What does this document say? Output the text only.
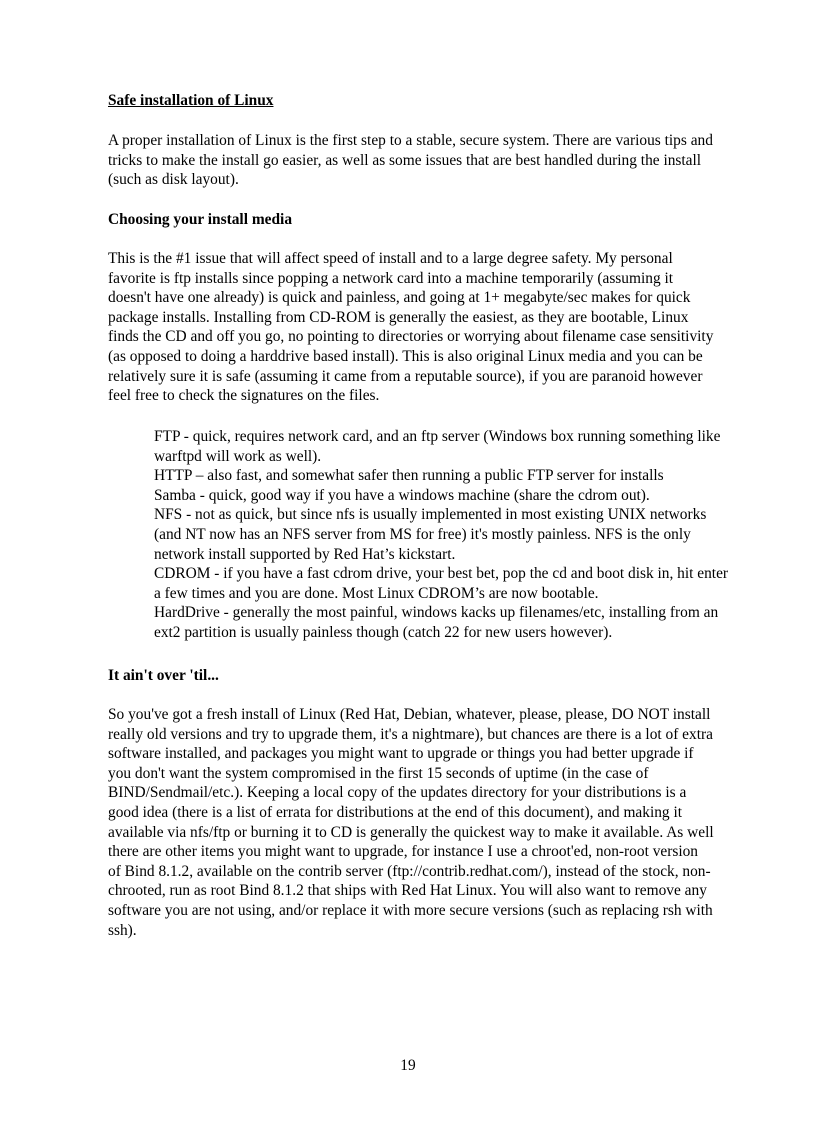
Safe installation of Linux

A proper installation of Linux is the first step to a stable, secure system. There are various tips and tricks to make the install go easier, as well as some issues that are best handled during the install (such as disk layout).

Choosing your install media

This is the #1 issue that will affect speed of install and to a large degree safety. My personal favorite is ftp installs since popping a network card into a machine temporarily (assuming it doesn't have one already) is quick and painless, and going at 1+ megabyte/sec makes for quick package installs. Installing from CD-ROM is generally the easiest, as they are bootable, Linux finds the CD and off you go, no pointing to directories or worrying about filename case sensitivity (as opposed to doing a harddrive based install). This is also original Linux media and you can be relatively sure it is safe (assuming it came from a reputable source), if you are paranoid however feel free to check the signatures on the files.

FTP - quick, requires network card, and an ftp server (Windows box running something like warftpd will work as well).
HTTP – also fast, and somewhat safer then running a public FTP server for installs
Samba - quick, good way if you have a windows machine (share the cdrom out).
NFS - not as quick, but since nfs is usually implemented in most existing UNIX networks (and NT now has an NFS server from MS for free) it's mostly painless. NFS is the only network install supported by Red Hat’s kickstart.
CDROM - if you have a fast cdrom drive, your best bet, pop the cd and boot disk in, hit enter a few times and you are done. Most Linux CDROM’s are now bootable.
HardDrive - generally the most painful, windows kacks up filenames/etc, installing from an ext2 partition is usually painless though (catch 22 for new users however).

It ain't over 'til...

So you've got a fresh install of Linux (Red Hat, Debian, whatever, please, please, DO NOT install really old versions and try to upgrade them, it's a nightmare), but chances are there is a lot of extra software installed, and packages you might want to upgrade or things you had better upgrade if you don't want the system compromised in the first 15 seconds of uptime (in the case of BIND/Sendmail/etc.). Keeping a local copy of the updates directory for your distributions is a good idea (there is a list of errata for distributions at the end of this document), and making it available via nfs/ftp or burning it to CD is generally the quickest way to make it available. As well there are other items you might want to upgrade, for instance I use a chroot'ed, non-root version of Bind 8.1.2, available on the contrib server (ftp://contrib.redhat.com/), instead of the stock, non-chrooted, run as root Bind 8.1.2 that ships with Red Hat Linux. You will also want to remove any software you are not using, and/or replace it with more secure versions (such as replacing rsh with ssh).

19
